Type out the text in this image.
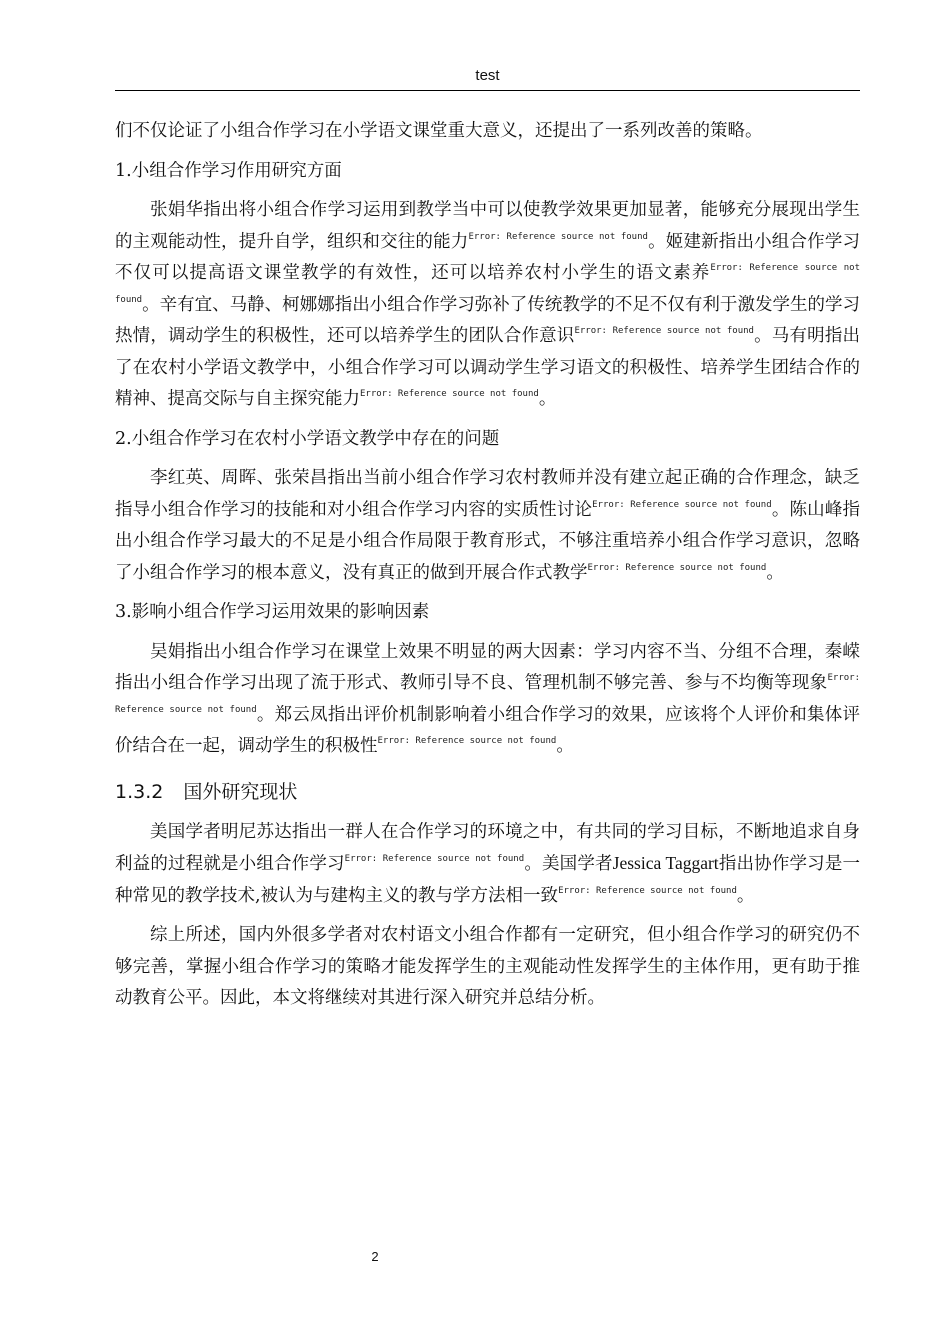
test

们不仅论证了小组合作学习在小学语文课堂重大意义，还提出了一系列改善的策略。

1.小组合作学习作用研究方面

张娟华指出将小组合作学习运用到教学当中可以使教学效果更加显著，能够充分展现出学生的主观能动性，提升自学，组织和交往的能力$^{Error: Reference source not found}$。姬建新指出小组合作学习不仅可以提高语文课堂教学的有效性，还可以培养农村小学生的语文素养$^{Error: Reference source not found}$。辛有宜、马静、柯娜娜指出小组合作学习弥补了传统教学的不足不仅有利于激发学生的学习热情，调动学生的积极性，还可以培养学生的团队合作意识$^{Error: Reference source not found}$。马有明指出了在农村小学语文教学中，小组合作学习可以调动学生学习语文的积极性、培养学生团结合作的精神、提高交际与自主探究能力$^{Error: Reference source not found}$。

2.小组合作学习在农村小学语文教学中存在的问题

李红英、周晖、张荣昌指出当前小组合作学习农村教师并没有建立起正确的合作理念，缺乏指导小组合作学习的技能和对小组合作学习内容的实质性讨论$^{Error: Reference source not found}$。陈山峰指出小组合作学习最大的不足是小组合作局限于教育形式，不够注重培养小组合作学习意识，忽略了小组合作学习的根本意义，没有真正的做到开展合作式教学$^{Error: Reference source not found}$。

3.影响小组合作学习运用效果的影响因素

吴娟指出小组合作学习在课堂上效果不明显的两大因素：学习内容不当、分组不合理，秦嵘指出小组合作学习出现了流于形式、教师引导不良、管理机制不够完善、参与不均衡等现象$^{Error: Reference source not found}$。郑云凤指出评价机制影响着小组合作学习的效果，应该将个人评价和集体评价结合在一起，调动学生的积极性$^{Error: Reference source not found}$。

1.3.2 国外研究现状

美国学者明尼苏达指出一群人在合作学习的环境之中，有共同的学习目标，不断地追求自身利益的过程就是小组合作学习$^{Error: Reference source not found}$。美国学者Jessica Taggart指出协作学习是一种常见的教学技术,被认为与建构主义的教与学方法相一致$^{Error: Reference source not found}$。

综上所述，国内外很多学者对农村语文小组合作都有一定研究，但小组合作学习的研究仍不够完善，掌握小组合作学习的策略才能发挥学生的主观能动性发挥学生的主体作用，更有助于推动教育公平。因此，本文将继续对其进行深入研究并总结分析。

2
